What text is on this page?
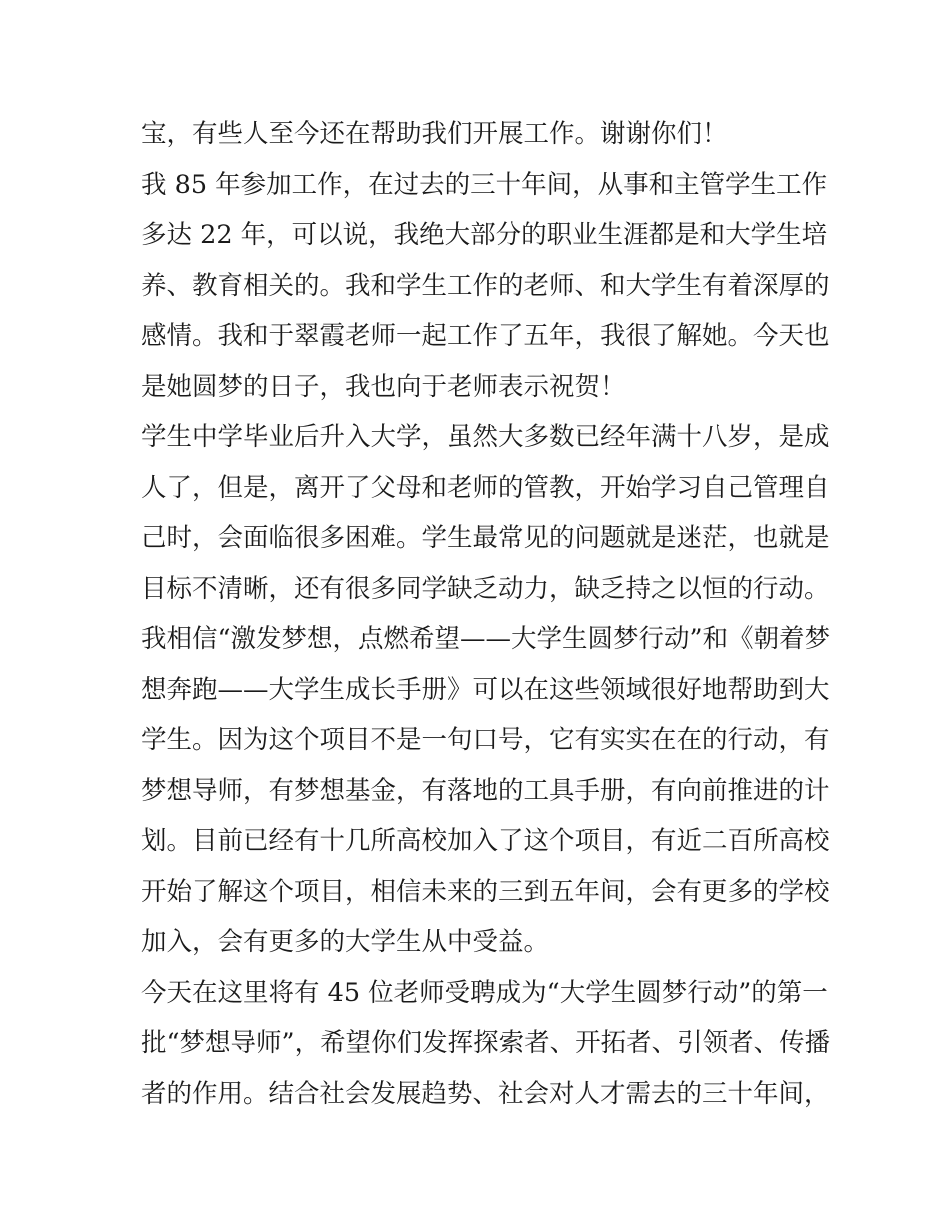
宝，有些人至今还在帮助我们开展工作。谢谢你们！
我 85 年参加工作，在过去的三十年间，从事和主管学生工作
多达 22 年，可以说，我绝大部分的职业生涯都是和大学生培
养、教育相关的。我和学生工作的老师、和大学生有着深厚的
感情。我和于翠霞老师一起工作了五年，我很了解她。今天也
是她圆梦的日子，我也向于老师表示祝贺！
学生中学毕业后升入大学，虽然大多数已经年满十八岁，是成
人了，但是，离开了父母和老师的管教，开始学习自己管理自
己时，会面临很多困难。学生最常见的问题就是迷茫，也就是
目标不清晰，还有很多同学缺乏动力，缺乏持之以恒的行动。
我相信“激发梦想，点燃希望——大学生圆梦行动”和《朝着梦
想奔跑——大学生成长手册》可以在这些领域很好地帮助到大
学生。因为这个项目不是一句口号，它有实实在在的行动，有
梦想导师，有梦想基金，有落地的工具手册，有向前推进的计
划。目前已经有十几所高校加入了这个项目，有近二百所高校
开始了解这个项目，相信未来的三到五年间，会有更多的学校
加入，会有更多的大学生从中受益。
今天在这里将有 45 位老师受聘成为“大学生圆梦行动”的第一
批“梦想导师”，希望你们发挥探索者、开拓者、引领者、传播
者的作用。结合社会发展趋势、社会对人才需去的三十年间，
